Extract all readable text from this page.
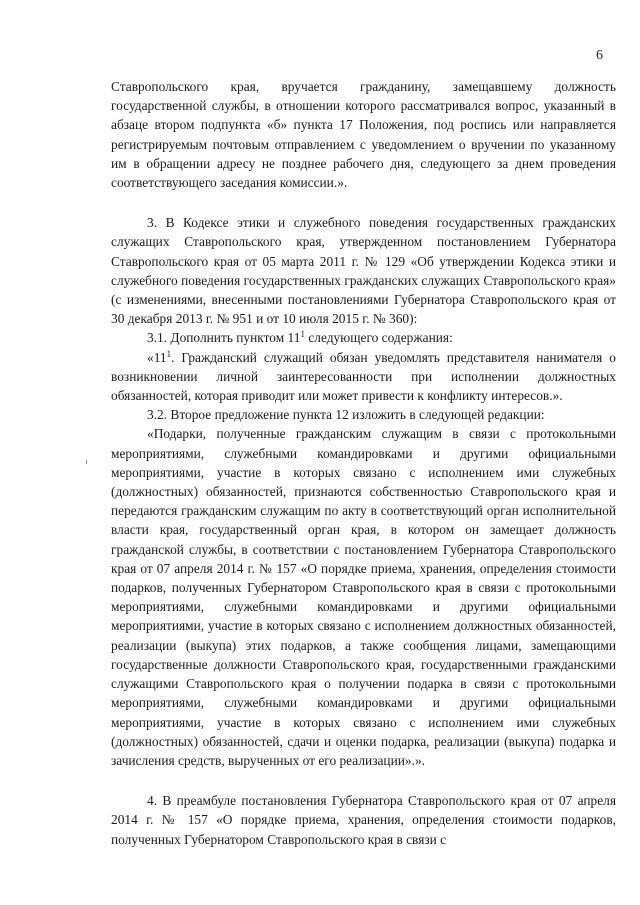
6

Ставропольского края, вручается гражданину, замещавшему должность государственной службы, в отношении которого рассматривался вопрос, указанный в абзаце втором подпункта «б» пункта 17 Положения, под роспись или направляется регистрируемым почтовым отправлением с уведомлением о вручении по указанному им в обращении адресу не позднее рабочего дня, следующего за днем проведения соответствующего заседания комиссии.».

3. В Кодексе этики и служебного поведения государственных гражданских служащих Ставропольского края, утвержденном постановлением Губернатора Ставропольского края от 05 марта 2011 г. № 129 «Об утверждении Кодекса этики и служебного поведения государственных гражданских служащих Ставропольского края» (с изменениями, внесенными постановлениями Губернатора Ставропольского края от 30 декабря 2013 г. № 951 и от 10 июля 2015 г. № 360):

3.1. Дополнить пунктом $11^1$ следующего содержания:

«$11^1$. Гражданский служащий обязан уведомлять представителя нанимателя о возникновении личной заинтересованности при исполнении должностных обязанностей, которая приводит или может привести к конфликту интересов.».

3.2. Второе предложение пункта 12 изложить в следующей редакции:

«Подарки, полученные гражданским служащим в связи с протокольными мероприятиями, служебными командировками и другими официальными мероприятиями, участие в которых связано с исполнением ими служебных (должностных) обязанностей, признаются собственностью Ставропольского края и передаются гражданским служащим по акту в соответствующий орган исполнительной власти края, государственный орган края, в котором он замещает должность гражданской службы, в соответствии с постановлением Губернатора Ставропольского края от 07 апреля 2014 г. № 157 «О порядке приема, хранения, определения стоимости подарков, полученных Губернатором Ставропольского края в связи с протокольными мероприятиями, служебными командировками и другими официальными мероприятиями, участие в которых связано с исполнением должностных обязанностей, реализации (выкупа) этих подарков, а также сообщения лицами, замещающими государственные должности Ставропольского края, государственными гражданскими служащими Ставропольского края о получении подарка в связи с протокольными мероприятиями, служебными командировками и другими официальными мероприятиями, участие в которых связано с исполнением ими служебных (должностных) обязанностей, сдачи и оценки подарка, реализации (выкупа) подарка и зачисления средств, вырученных от его реализации».».

4. В преамбуле постановления Губернатора Ставропольского края от 07 апреля 2014 г. № 157 «О порядке приема, хранения, определения стоимости подарков, полученных Губернатором Ставропольского края в связи с
